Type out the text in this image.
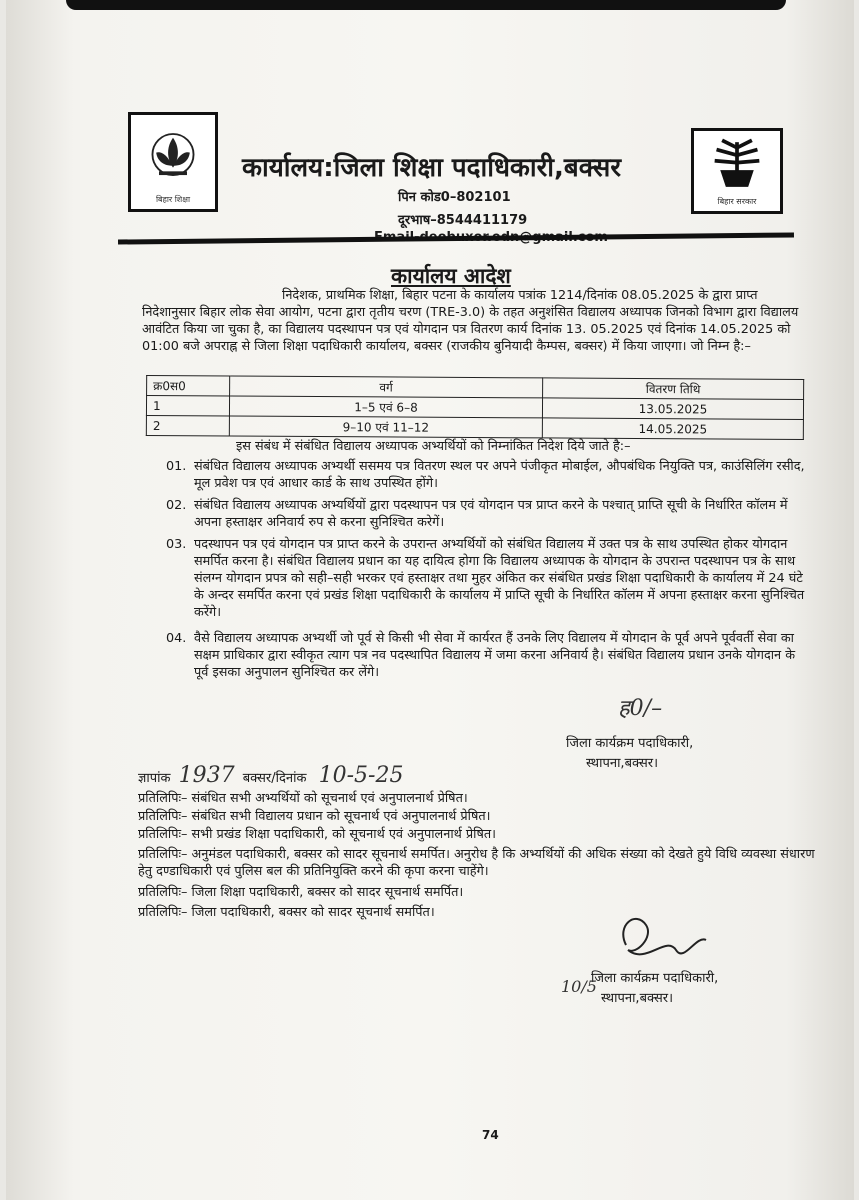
बिहार शिक्षा
कार्यालय:जिला शिक्षा पदाधिकारी,बक्सर
पिन कोड0–802101
दूरभाष–8544411179
बिहार सरकार
कार्यालय आदेश
निदेशक, प्राथमिक शिक्षा, बिहार पटना के कार्यालय पत्रांक 1214/दिनांक 08.05.2025 के द्वारा प्राप्त निदेशानुसार बिहार लोक सेवा आयोग, पटना द्वारा तृतीय चरण (TRE-3.0) के तहत अनुशंसित विद्यालय अध्यापक जिनको विभाग द्वारा विद्यालय आवंटित किया जा चुका है, का विद्यालय पदस्थापन पत्र एवं योगदान पत्र वितरण कार्य दिनांक 13. 05.2025 एवं दिनांक 14.05.2025 को 01:00 बजे अपराह्न से जिला शिक्षा पदाधिकारी कार्यालय, बक्सर (राजकीय बुनियादी कैम्पस, बक्सर) में किया जाएगा। जो निम्न है:–
क्र0स0	वर्ग	वितरण तिथि
1	1–5 एवं 6–8	13.05.2025
2	9–10 एवं 11–12	14.05.2025
इस संबंध में संबंधित विद्यालय अध्यापक अभ्यर्थियों को निम्नांकित निदेश दिये जाते है:–
01. संबंधित विद्यालय अध्यापक अभ्यर्थी ससमय पत्र वितरण स्थल पर अपने पंजीकृत मोबाईल, औपबंधिक नियुक्ति पत्र, काउंसिलिंग रसीद, मूल प्रवेश पत्र एवं आधार कार्ड के साथ उपस्थित होंगे।
02. संबंधित विद्यालय अध्यापक अभ्यर्थियों द्वारा पदस्थापन पत्र एवं योगदान पत्र प्राप्त करने के पश्चात् प्राप्ति सूची के निर्धारित कॉलम में अपना हस्ताक्षर अनिवार्य रुप से करना सुनिश्चित करेगें।
03. पदस्थापन पत्र एवं योगदान पत्र प्राप्त करने के उपरान्त अभ्यर्थियों को संबंधित विद्यालय में उक्त पत्र के साथ उपस्थित होकर योगदान समर्पित करना है। संबंधित विद्यालय प्रधान का यह दायित्व होगा कि विद्यालय अध्यापक के योगदान के उपरान्त पदस्थापन पत्र के साथ संलग्न योगदान प्रपत्र को सही–सही भरकर एवं हस्ताक्षर तथा मुहर अंकित कर संबंधित प्रखंड शिक्षा पदाधिकारी के कार्यालय में 24 घंटे के अन्दर समर्पित करना एवं प्रखंड शिक्षा पदाधिकारी के कार्यालय में प्राप्ति सूची के निर्धारित कॉलम में अपना हस्ताक्षर करना सुनिश्चित करेंगे।
04. वैसे विद्यालय अध्यापक अभ्यर्थी जो पूर्व से किसी भी सेवा में कार्यरत हैं उनके लिए विद्यालय में योगदान के पूर्व अपने पूर्ववर्ती सेवा का सक्षम प्राधिकार द्वारा स्वीकृत त्याग पत्र नव पदस्थापित विद्यालय में जमा करना अनिवार्य है। संबंधित विद्यालय प्रधान उनके योगदान के पूर्व इसका अनुपालन सुनिश्चित कर लेंगे।
ह0/–
जिला कार्यक्रम पदाधिकारी,
स्थापना,बक्सर।
ज्ञापांक 1937 बक्सर/दिनांक 10-5-25
प्रतिलिपिः– संबंधित सभी अभ्यर्थियों को सूचनार्थ एवं अनुपालनार्थ प्रेषित।
प्रतिलिपिः– संबंधित सभी विद्यालय प्रधान को सूचनार्थ एवं अनुपालनार्थ प्रेषित।
प्रतिलिपिः– सभी प्रखंड शिक्षा पदाधिकारी, को सूचनार्थ एवं अनुपालनार्थ प्रेषित।
प्रतिलिपिः– अनुमंडल पदाधिकारी, बक्सर को सादर सूचनार्थ समर्पित। अनुरोध है कि अभ्यर्थियों की अधिक संख्या को देखते हुये विधि व्यवस्था संधारण हेतु दण्डाधिकारी एवं पुलिस बल की प्रतिनियुक्ति करने की कृपा करना चाहेंगे।
प्रतिलिपिः– जिला शिक्षा पदाधिकारी, बक्सर को सादर सूचनार्थ समर्पित।
प्रतिलिपिः– जिला पदाधिकारी, बक्सर को सादर सूचनार्थ समर्पित।
जिला कार्यक्रम पदाधिकारी,
स्थापना,बक्सर।
10/5
74
